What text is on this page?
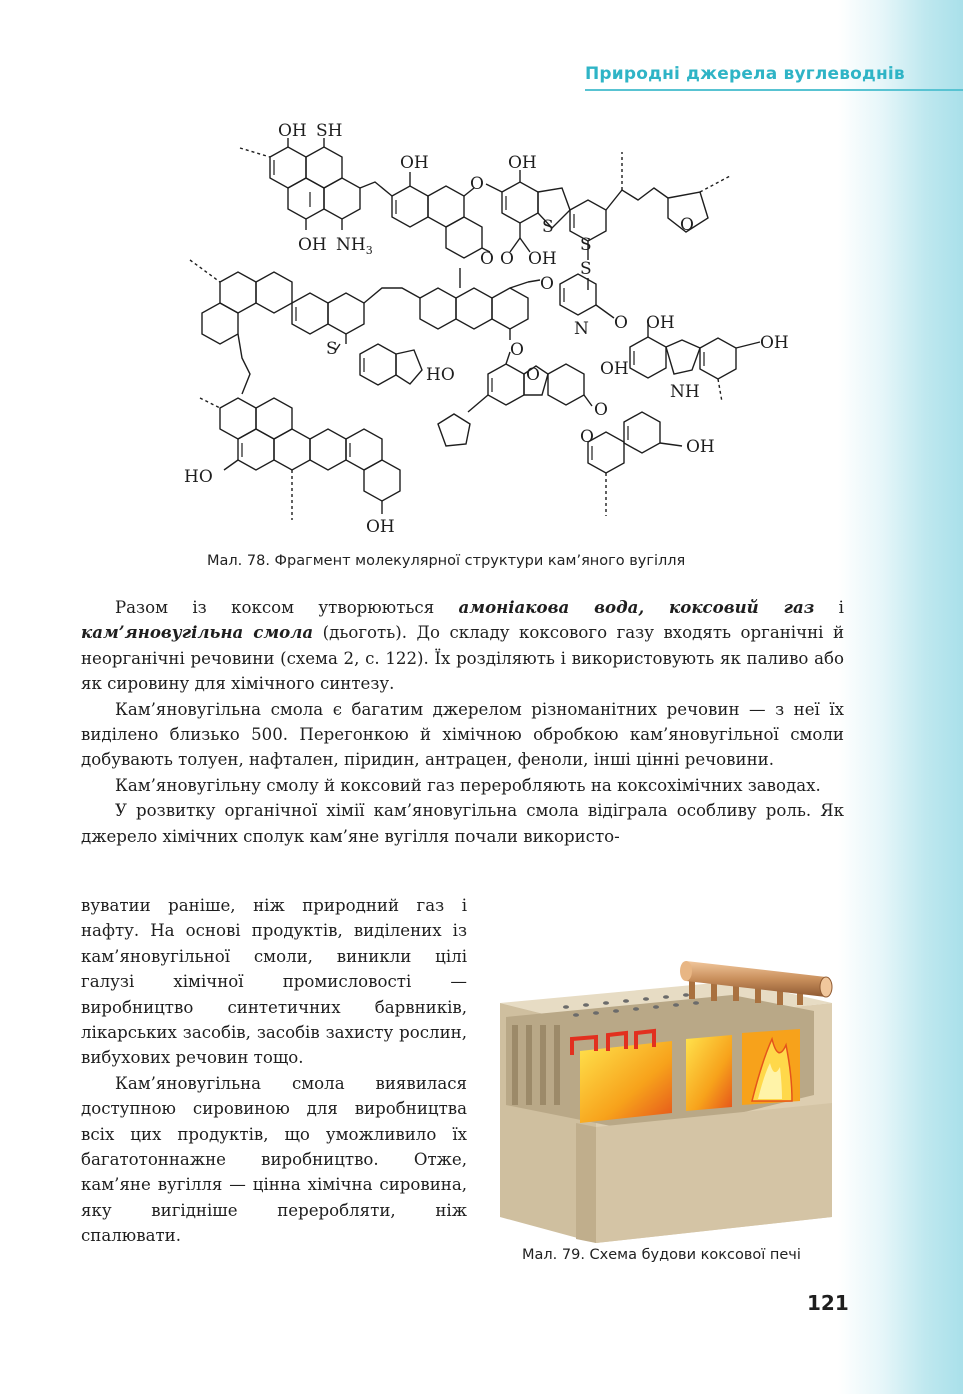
Природні джерела вуглеводнів
OH SH
OH	OH
S
S
S
O
OH $NH_3$
O
O O OH
O
O
N
O
OH
OH
NH
S
HO	O	OH
O
O	OH
HO
OH
Мал. 78. Фрагмент молекулярної структури кам’яного вугілля

Разом із коксом утворюються амоніакова вода, коксовий газ і кам’яновугільна смола (дьоготь). До складу коксового газу входять органічні й неорганічні речовини (схема 2, с. 122). Їх розділяють і використовують як паливо або як сировину для хімічного синтезу.

Кам’яновугільна смола є багатим джерелом різноманітних речовин — з неї їх виділено близько 500. Перегонкою й хімічною обробкою кам’яновугільної смоли добувають толуен, нафтален, піридин, антрацен, феноли, інші цінні речовини.

Кам’яновугільну смолу й коксовий газ переробляють на коксохімічних заводах.

У розвитку органічної хімії кам’яновугільна смола відіграла особливу роль. Як джерело хімічних сполук кам’яне вугілля почали використо-

вуватии раніше, ніж природний газ і нафту. На основі продуктів, виділених із кам’яновугільної смоли, виникли цілі галузі хімічної промисловості — виробництво синтетичних барвників, лікарських засобів, засобів захисту рослин, вибухових речовин тощо.

Кам’яновугільна смола виявилася доступною сировиною для виробництва всіх цих продуктів, що уможливило їх багатотоннажне виробництво. Отже, кам’яне вугілля — цінна хімічна сировина, яку вигідніше переробляти, ніж спалювати.

Мал. 79. Схема будови коксової печі
121
